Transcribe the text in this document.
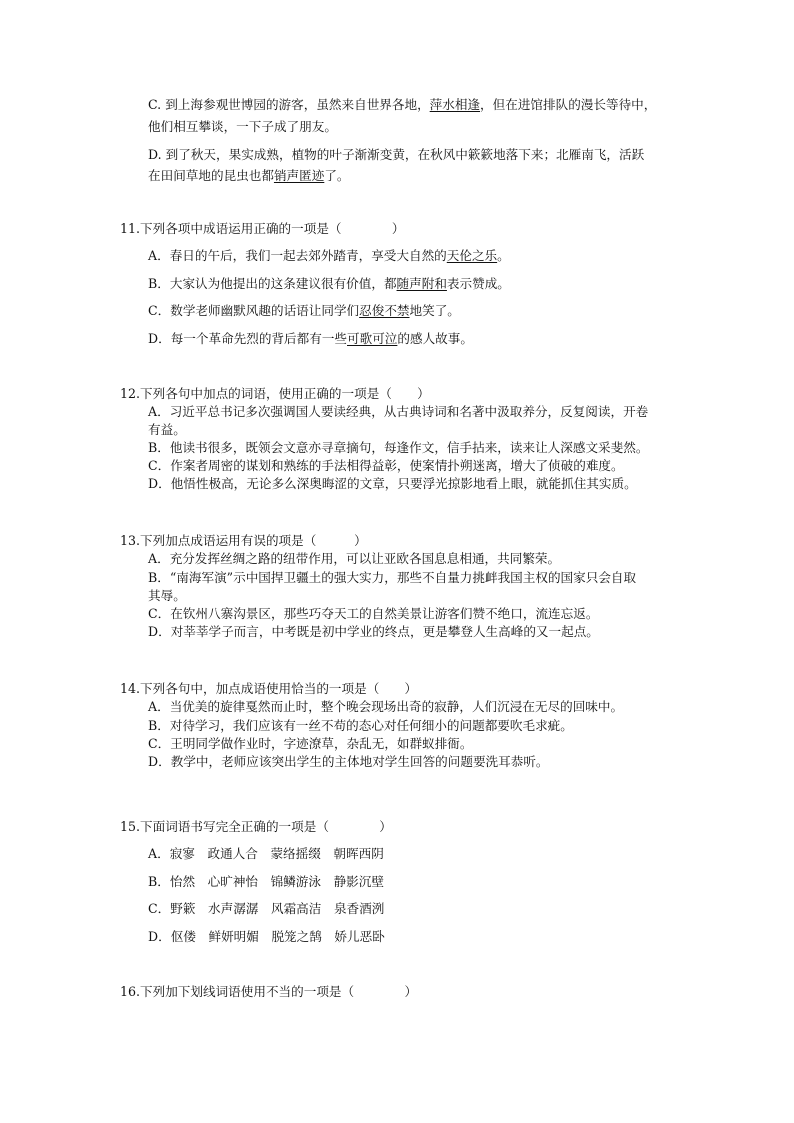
C. 到上海参观世博园的游客，虽然来自世界各地，萍水相逢，但在进馆排队的漫长等待中，
他们相互攀谈，一下子成了朋友。
D. 到了秋天，果实成熟，植物的叶子渐渐变黄，在秋风中簌簌地落下来；北雁南飞，活跃
在田间草地的昆虫也都销声匿迹了。
11.下列各项中成语运用正确的一项是（　　　　）
A．春日的午后，我们一起去郊外踏青，享受大自然的天伦之乐。
B．大家认为他提出的这条建议很有价值，都随声附和表示赞成。
C．数学老师幽默风趣的话语让同学们忍俊不禁地笑了。
D．每一个革命先烈的背后都有一些可歌可泣的感人故事。
12.下列各句中加点的词语，使用正确的一项是（　　）
A．习近平总书记多次强调国人要读经典，从古典诗词和名著中汲取养分，反复阅读，开卷
有益。
B．他读书很多，既领会文意亦寻章摘句，每逢作文，信手拈来，读来让人深感文采斐然。
C．作案者周密的谋划和熟练的手法相得益彰，使案情扑朔迷离，增大了侦破的难度。
D．他悟性极高，无论多么深奥晦涩的文章，只要浮光掠影地看上眼，就能抓住其实质。
13.下列加点成语运用有误的项是（　　　）
A．充分发挥丝绸之路的纽带作用，可以让亚欧各国息息相通，共同繁荣。
B．“南海军演”示中国捍卫疆土的强大实力，那些不自量力挑衅我国主权的国家只会自取
其辱。
C．在钦州八寨沟景区，那些巧夺天工的自然美景让游客们赞不绝口，流连忘返。
D．对莘莘学子而言，中考既是初中学业的终点，更是攀登人生高峰的又一起点。
14.下列各句中，加点成语使用恰当的一项是（　　）
A．当优美的旋律戛然而止时，整个晚会现场出奇的寂静，人们沉浸在无尽的回味中。
B．对待学习，我们应该有一丝不苟的态心对任何细小的问题都要吹毛求疵。
C．王明同学做作业时，字迹潦草，杂乱无，如群蚁排衙。
D．教学中，老师应该突出学生的主体地对学生回答的问题要洗耳恭听。
15.下面词语书写完全正确的一项是（　　　　）
A．寂寥　政通人合　蒙络摇缀　朝晖西阴
B．怡然　心旷神怡　锦鳞游泳　静影沉壁
C．野簌　水声潺潺　风霜高洁　泉香酒洌
D．伛偻　鲜妍明媚　脱笼之鹄　娇儿恶卧
16.下列加下划线词语使用不当的一项是（　　　　）
